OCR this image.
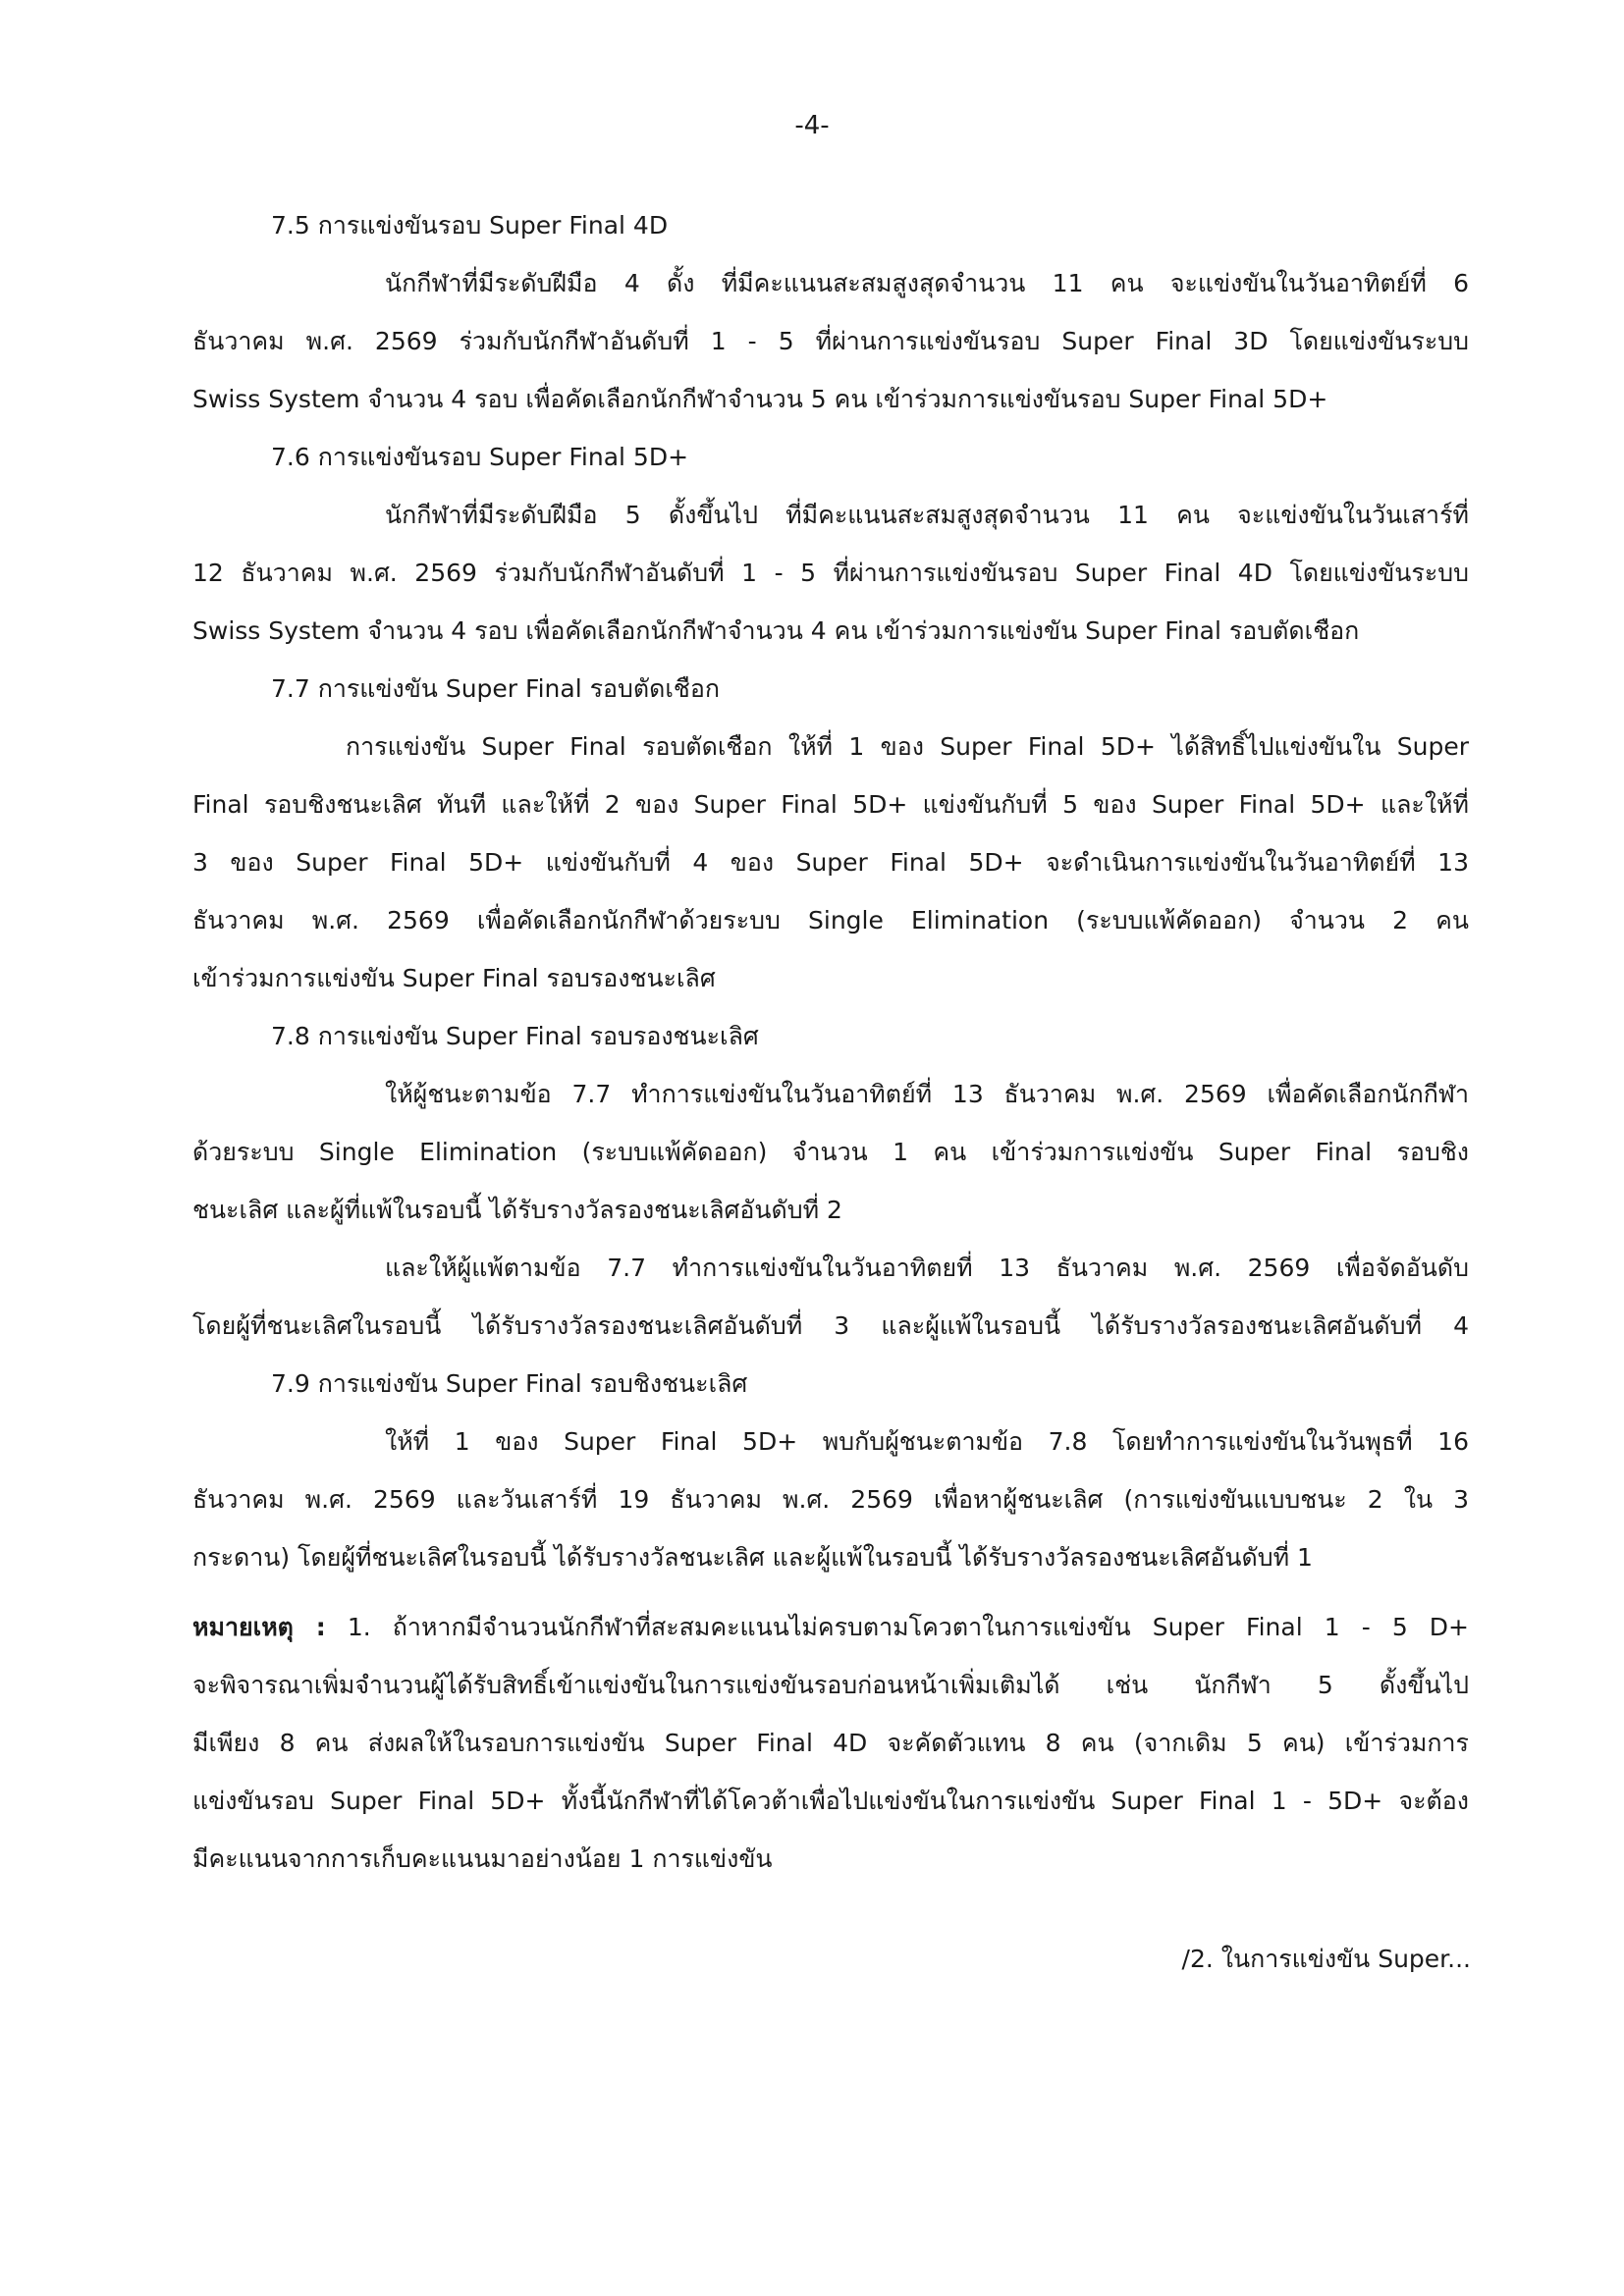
-4-
7.5 การแข่งขันรอบ Super Final 4D
นักกีฬาที่มีระดับฝีมือ 4 ดั้ง ที่มีคะแนนสะสมสูงสุดจำนวน 11 คน จะแข่งขันในวันอาทิตย์ที่ 6
ธันวาคม พ.ศ. 2569 ร่วมกับนักกีฬาอันดับที่ 1 - 5 ที่ผ่านการแข่งขันรอบ Super Final 3D โดยแข่งขันระบบ
Swiss System จำนวน 4 รอบ เพื่อคัดเลือกนักกีฬาจำนวน 5 คน เข้าร่วมการแข่งขันรอบ Super Final 5D+
7.6 การแข่งขันรอบ Super Final 5D+
นักกีฬาที่มีระดับฝีมือ 5 ดั้งขึ้นไป ที่มีคะแนนสะสมสูงสุดจำนวน 11 คน จะแข่งขันในวันเสาร์ที่
12 ธันวาคม พ.ศ. 2569 ร่วมกับนักกีฬาอันดับที่ 1 - 5 ที่ผ่านการแข่งขันรอบ Super Final 4D โดยแข่งขันระบบ
Swiss System จำนวน 4 รอบ เพื่อคัดเลือกนักกีฬาจำนวน 4 คน เข้าร่วมการแข่งขัน Super Final รอบตัดเชือก
7.7 การแข่งขัน Super Final รอบตัดเชือก
การแข่งขัน Super Final รอบตัดเชือก ให้ที่ 1 ของ Super Final 5D+ ได้สิทธิ์ไปแข่งขันใน Super
Final รอบชิงชนะเลิศ ทันที และให้ที่ 2 ของ Super Final 5D+ แข่งขันกับที่ 5 ของ Super Final 5D+ และให้ที่
3 ของ Super Final 5D+ แข่งขันกับที่ 4 ของ Super Final 5D+ จะดำเนินการแข่งขันในวันอาทิตย์ที่ 13
ธันวาคม พ.ศ. 2569 เพื่อคัดเลือกนักกีฬาด้วยระบบ Single Elimination (ระบบแพ้คัดออก) จำนวน 2 คน
เข้าร่วมการแข่งขัน Super Final รอบรองชนะเลิศ
7.8 การแข่งขัน Super Final รอบรองชนะเลิศ
ให้ผู้ชนะตามข้อ 7.7 ทำการแข่งขันในวันอาทิตย์ที่ 13 ธันวาคม พ.ศ. 2569 เพื่อคัดเลือกนักกีฬา
ด้วยระบบ Single Elimination (ระบบแพ้คัดออก) จำนวน 1 คน เข้าร่วมการแข่งขัน Super Final รอบชิง
ชนะเลิศ และผู้ที่แพ้ในรอบนี้ ได้รับรางวัลรองชนะเลิศอันดับที่ 2
และให้ผู้แพ้ตามข้อ 7.7 ทำการแข่งขันในวันอาทิตยที่ 13 ธันวาคม พ.ศ. 2569 เพื่อจัดอันดับ
โดยผู้ที่ชนะเลิศในรอบนี้ ได้รับรางวัลรองชนะเลิศอันดับที่ 3 และผู้แพ้ในรอบนี้ ได้รับรางวัลรองชนะเลิศอันดับที่ 4
7.9 การแข่งขัน Super Final รอบชิงชนะเลิศ
ให้ที่ 1 ของ Super Final 5D+ พบกับผู้ชนะตามข้อ 7.8 โดยทำการแข่งขันในวันพุธที่ 16
ธันวาคม พ.ศ. 2569 และวันเสาร์ที่ 19 ธันวาคม พ.ศ. 2569 เพื่อหาผู้ชนะเลิศ (การแข่งขันแบบชนะ 2 ใน 3
กระดาน) โดยผู้ที่ชนะเลิศในรอบนี้ ได้รับรางวัลชนะเลิศ และผู้แพ้ในรอบนี้ ได้รับรางวัลรองชนะเลิศอันดับที่ 1
หมายเหตุ : 1. ถ้าหากมีจำนวนนักกีฬาที่สะสมคะแนนไม่ครบตามโควตาในการแข่งขัน Super Final 1 - 5 D+
จะพิจารณาเพิ่มจำนวนผู้ได้รับสิทธิ์เข้าแข่งขันในการแข่งขันรอบก่อนหน้าเพิ่มเติมได้ เช่น นักกีฬา 5 ดั้งขึ้นไป
มีเพียง 8 คน ส่งผลให้ในรอบการแข่งขัน Super Final 4D จะคัดตัวแทน 8 คน (จากเดิม 5 คน) เข้าร่วมการ
แข่งขันรอบ Super Final 5D+ ทั้งนี้นักกีฬาที่ได้โควต้าเพื่อไปแข่งขันในการแข่งขัน Super Final 1 - 5D+ จะต้อง
มีคะแนนจากการเก็บคะแนนมาอย่างน้อย 1 การแข่งขัน
/2. ในการแข่งขัน Super...
